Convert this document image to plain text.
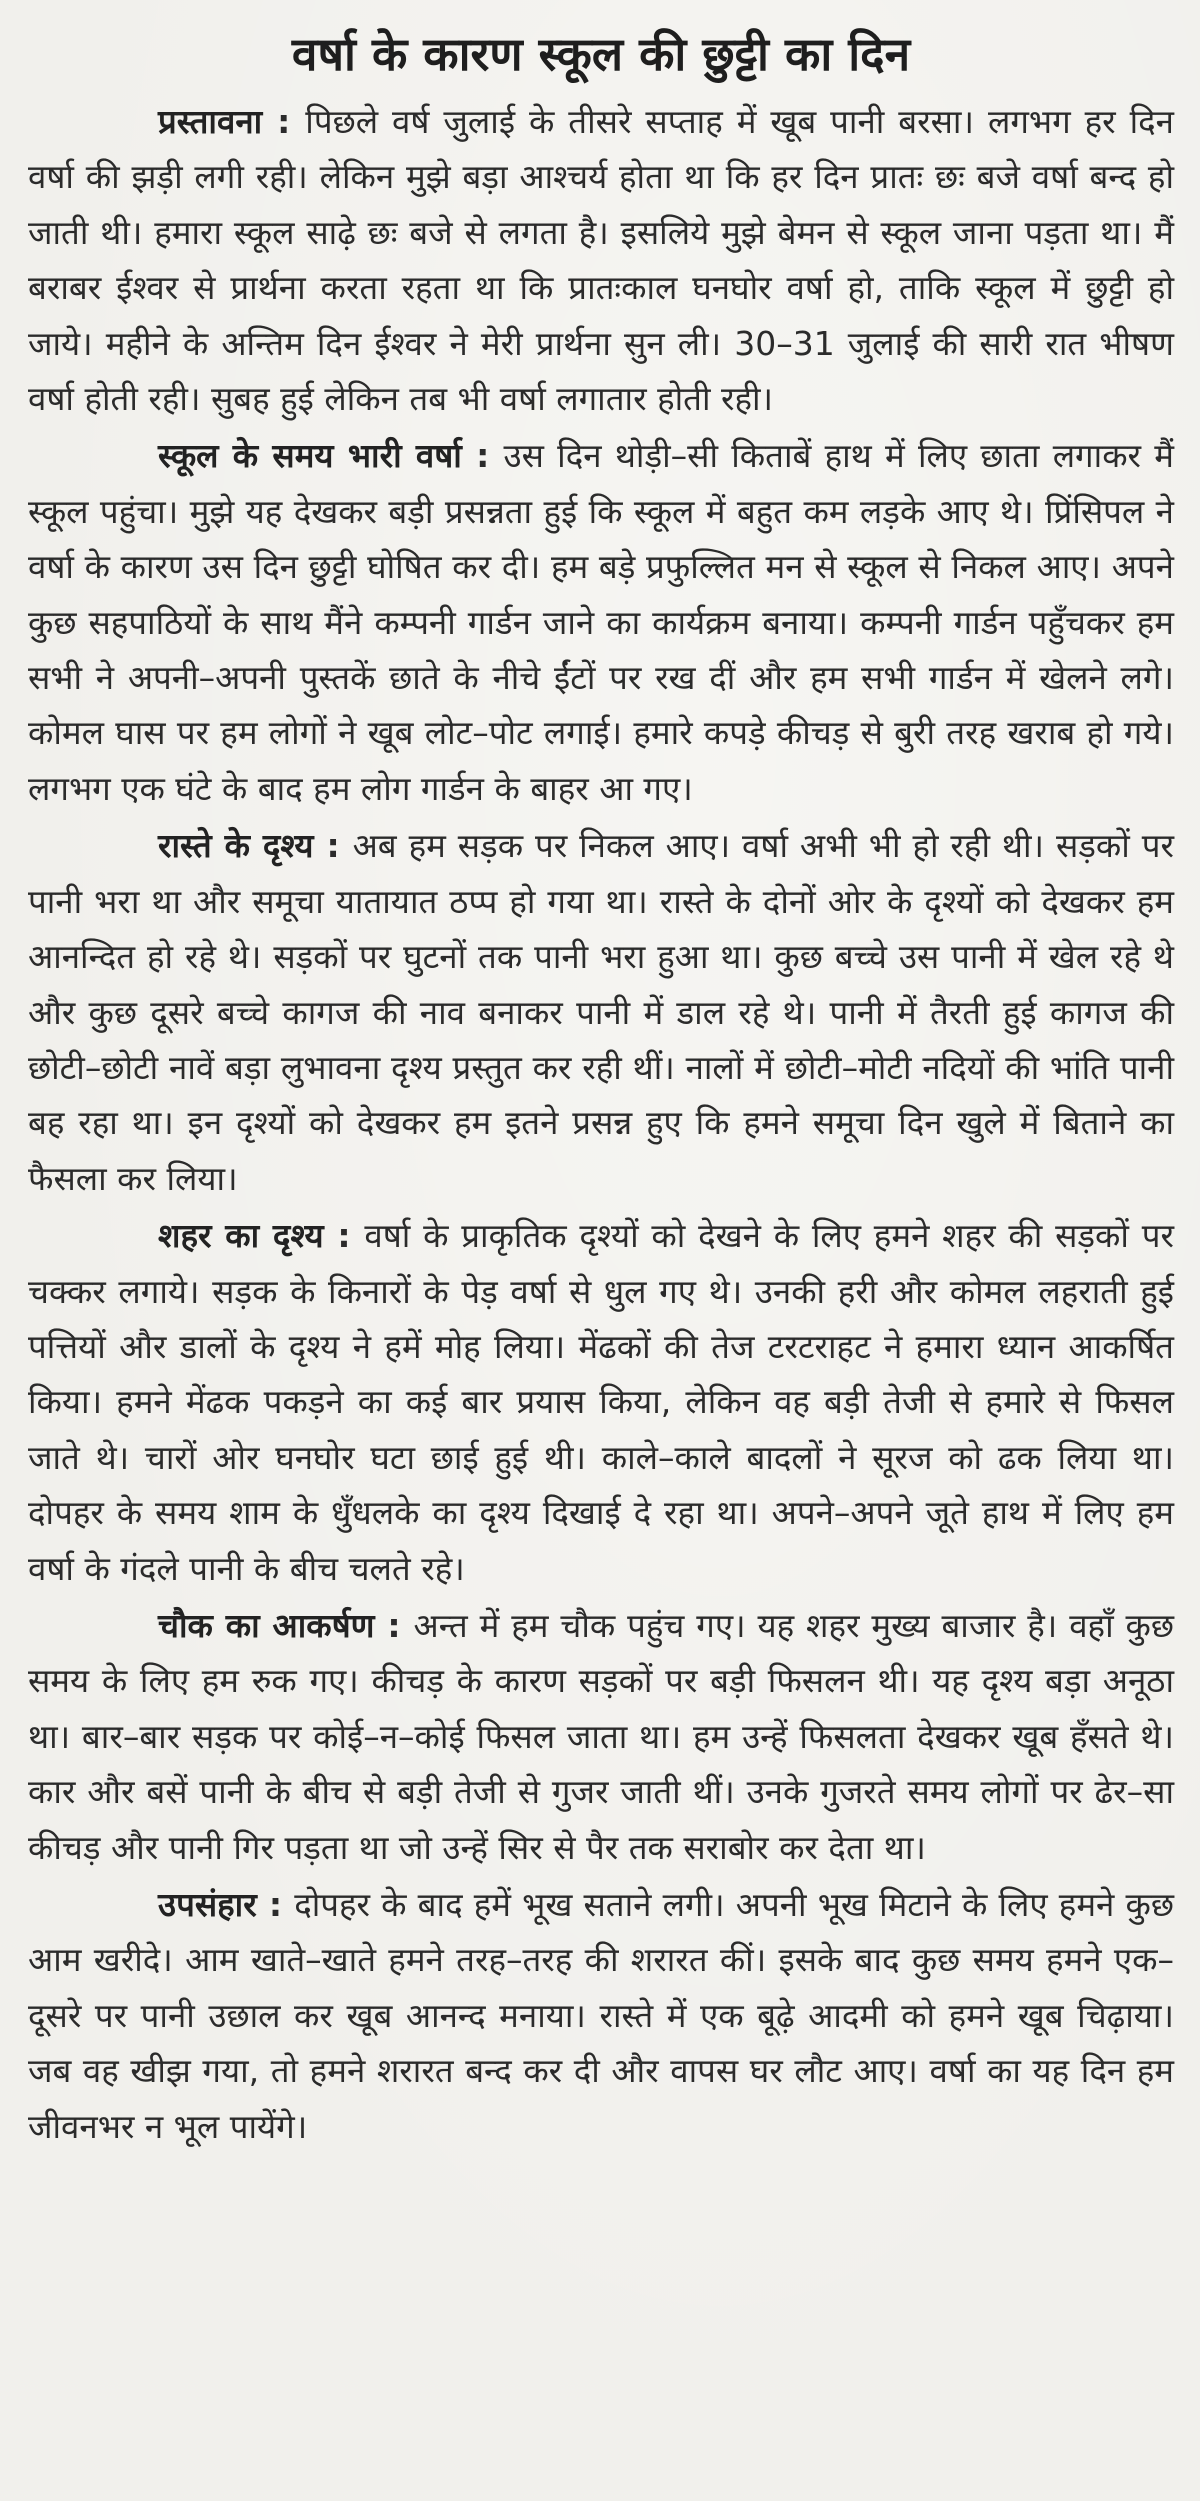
वर्षा के कारण स्कूल की छुट्टी का दिन

प्रस्तावना : पिछले वर्ष जुलाई के तीसरे सप्ताह में खूब पानी बरसा। लगभग हर दिन वर्षा की झड़ी लगी रही। लेकिन मुझे बड़ा आश्चर्य होता था कि हर दिन प्रातः छः बजे वर्षा बन्द हो जाती थी। हमारा स्कूल साढ़े छः बजे से लगता है। इसलिये मुझे बेमन से स्कूल जाना पड़ता था। मैं बराबर ईश्वर से प्रार्थना करता रहता था कि प्रातःकाल घनघोर वर्षा हो, ताकि स्कूल में छुट्टी हो जाये। महीने के अन्तिम दिन ईश्वर ने मेरी प्रार्थना सुन ली। 30–31 जुलाई की सारी रात भीषण वर्षा होती रही। सुबह हुई लेकिन तब भी वर्षा लगातार होती रही।

स्कूल के समय भारी वर्षा : उस दिन थोड़ी–सी किताबें हाथ में लिए छाता लगाकर मैं स्कूल पहुंचा। मुझे यह देखकर बड़ी प्रसन्नता हुई कि स्कूल में बहुत कम लड़के आए थे। प्रिंसिपल ने वर्षा के कारण उस दिन छुट्टी घोषित कर दी। हम बड़े प्रफुल्लित मन से स्कूल से निकल आए। अपने कुछ सहपाठियों के साथ मैंने कम्पनी गार्डन जाने का कार्यक्रम बनाया। कम्पनी गार्डन पहुँचकर हम सभी ने अपनी–अपनी पुस्तकें छाते के नीचे ईंटों पर रख दीं और हम सभी गार्डन में खेलने लगे। कोमल घास पर हम लोगों ने खूब लोट–पोट लगाई। हमारे कपड़े कीचड़ से बुरी तरह खराब हो गये। लगभग एक घंटे के बाद हम लोग गार्डन के बाहर आ गए।

रास्ते के दृश्य : अब हम सड़क पर निकल आए। वर्षा अभी भी हो रही थी। सड़कों पर पानी भरा था और समूचा यातायात ठप्प हो गया था। रास्ते के दोनों ओर के दृश्यों को देखकर हम आनन्दित हो रहे थे। सड़कों पर घुटनों तक पानी भरा हुआ था। कुछ बच्चे उस पानी में खेल रहे थे और कुछ दूसरे बच्चे कागज की नाव बनाकर पानी में डाल रहे थे। पानी में तैरती हुई कागज की छोटी–छोटी नावें बड़ा लुभावना दृश्य प्रस्तुत कर रही थीं। नालों में छोटी–मोटी नदियों की भांति पानी बह रहा था। इन दृश्यों को देखकर हम इतने प्रसन्न हुए कि हमने समूचा दिन खुले में बिताने का फैसला कर लिया।

शहर का दृश्य : वर्षा के प्राकृतिक दृश्यों को देखने के लिए हमने शहर की सड़कों पर चक्कर लगाये। सड़क के किनारों के पेड़ वर्षा से धुल गए थे। उनकी हरी और कोमल लहराती हुई पत्तियों और डालों के दृश्य ने हमें मोह लिया। मेंढकों की तेज टरटराहट ने हमारा ध्यान आकर्षित किया। हमने मेंढक पकड़ने का कई बार प्रयास किया, लेकिन वह बड़ी तेजी से हमारे से फिसल जाते थे। चारों ओर घनघोर घटा छाई हुई थी। काले–काले बादलों ने सूरज को ढक लिया था। दोपहर के समय शाम के धुँधलके का दृश्य दिखाई दे रहा था। अपने–अपने जूते हाथ में लिए हम वर्षा के गंदले पानी के बीच चलते रहे।

चौक का आकर्षण : अन्त में हम चौक पहुंच गए। यह शहर मुख्य बाजार है। वहाँ कुछ समय के लिए हम रुक गए। कीचड़ के कारण सड़कों पर बड़ी फिसलन थी। यह दृश्य बड़ा अनूठा था। बार–बार सड़क पर कोई–न–कोई फिसल जाता था। हम उन्हें फिसलता देखकर खूब हँसते थे। कार और बसें पानी के बीच से बड़ी तेजी से गुजर जाती थीं। उनके गुजरते समय लोगों पर ढेर–सा कीचड़ और पानी गिर पड़ता था जो उन्हें सिर से पैर तक सराबोर कर देता था।

उपसंहार : दोपहर के बाद हमें भूख सताने लगी। अपनी भूख मिटाने के लिए हमने कुछ आम खरीदे। आम खाते–खाते हमने तरह–तरह की शरारत कीं। इसके बाद कुछ समय हमने एक–दूसरे पर पानी उछाल कर खूब आनन्द मनाया। रास्ते में एक बूढ़े आदमी को हमने खूब चिढ़ाया। जब वह खीझ गया, तो हमने शरारत बन्द कर दी और वापस घर लौट आए। वर्षा का यह दिन हम जीवनभर न भूल पायेंगे।
